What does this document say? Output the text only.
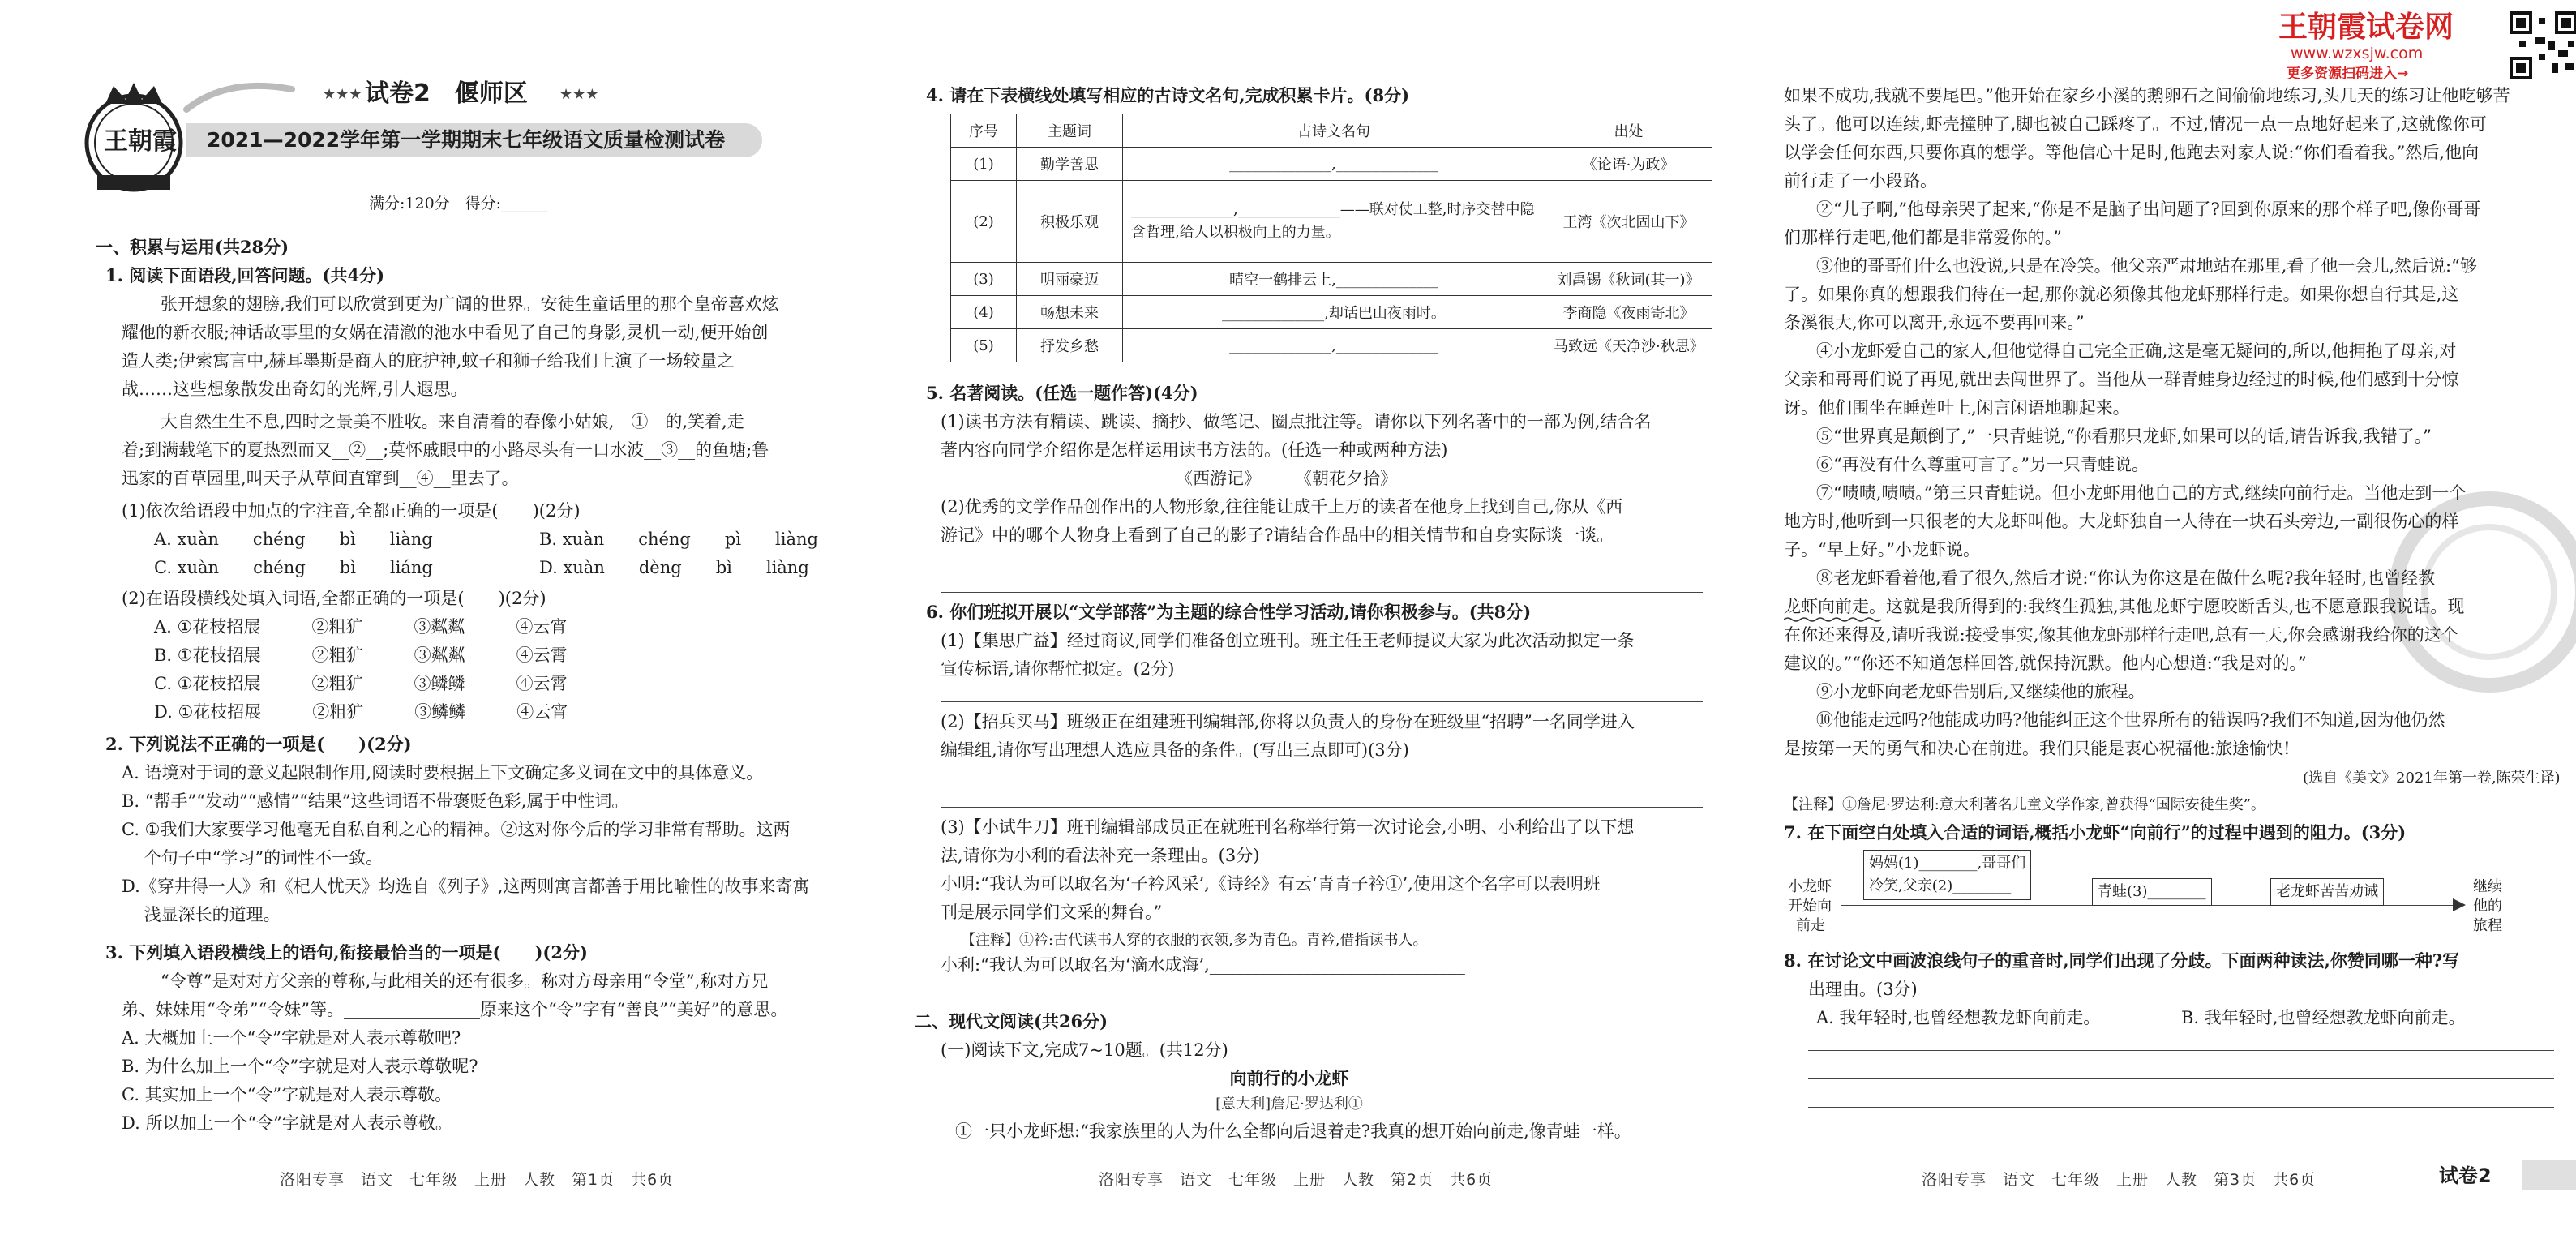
王朝霞
★★★ 试卷2　偃师区 ★★★
2021—2022学年第一学期期末七年级语文质量检测试卷
满分:120分　得分:______
一、积累与运用(共28分)
1. 阅读下面语段,回答问题。(共4分)
张开想象的翅膀,我们可以欣赏到更为广阔的世界。安徒生童话里的那个皇帝喜欢炫
耀他的新衣服;神话故事里的女娲在清澈的池水中看见了自己的身影,灵机一动,便开始创
造人类;伊索寓言中,赫耳墨斯是商人的庇护神,蚊子和狮子给我们上演了一场较量之
战……这些想象散发出奇幻的光辉,引人遐思。
大自然生生不息,四时之景美不胜收。来自清着的春像小姑娘,__①__的,笑着,走
着;到满载笔下的夏热烈而又__②__;莫怀戚眼中的小路尽头有一口水波__③__的鱼塘;鲁
迅家的百草园里,叫天子从草间直窜到__④__里去了。
(1)依次给语段中加点的字注音,全都正确的一项是(　　)(2分)
A. xuàn　　chéng　　bì　　liàng	B. xuàn　　chéng　　pì　　liàng
C. xuàn　　chéng　　bì　　liáng	D. xuàn　　dèng　　bì　　liàng
(2)在语段横线处填入词语,全都正确的一项是(　　)(2分)
A. ①花枝招展　　　②粗犷　　　③粼粼　　　④云宵
B. ①花枝招展　　　②粗犷　　　③粼粼　　　④云霄
C. ①花枝招展　　　②粗犷　　　③鳞鳞　　　④云霄
D. ①花枝招展　　　②粗犷　　　③鳞鳞　　　④云宵
2. 下列说法不正确的一项是(　　)(2分)
A. 语境对于词的意义起限制作用,阅读时要根据上下文确定多义词在文中的具体意义。
B. “帮手”“发动”“感情”“结果”这些词语不带褒贬色彩,属于中性词。
C. ①我们大家要学习他毫无自私自利之心的精神。②这对你今后的学习非常有帮助。这两
　 个句子中“学习”的词性不一致。
D.《穿井得一人》和《杞人忧天》均选自《列子》,这两则寓言都善于用比喻性的故事来寄寓
　 浅显深长的道理。
3. 下列填入语段横线上的语句,衔接最恰当的一项是(　　)(2分)
“令尊”是对对方父亲的尊称,与此相关的还有很多。称对方母亲用“令堂”,称对方兄
弟、妹妹用“令弟”“令妹”等。________________原来这个“令”字有“善良”“美好”的意思。
A. 大概加上一个“令”字就是对人表示尊敬吧?
B. 为什么加上一个“令”字就是对人表示尊敬呢?
C. 其实加上一个“令”字就是对人表示尊敬。
D. 所以加上一个“令”字就是对人表示尊敬。
洛阳专享　语文　七年级　上册　人教　第1页　共6页
4. 请在下表横线处填写相应的古诗文名句,完成积累卡片。(8分)
序号	主题词	古诗文名句	出处
(1)	勤学善思	______________,______________	《论语·为政》
(2)	积极乐观	______________,______________——联对仗工整,时序交替中隐含哲理,给人以积极向上的力量。	王湾《次北固山下》
(3)	明丽豪迈	晴空一鹤排云上,______________	刘禹锡《秋词(其一)》
(4)	畅想未来	______________,却话巴山夜雨时。	李商隐《夜雨寄北》
(5)	抒发乡愁	______________,______________	马致远《天净沙·秋思》
5. 名著阅读。(任选一题作答)(4分)
(1)读书方法有精读、跳读、摘抄、做笔记、圈点批注等。请你以下列名著中的一部为例,结合名
著内容向同学介绍你是怎样运用读书方法的。(任选一种或两种方法)
《西游记》　　　《朝花夕拾》
(2)优秀的文学作品创作出的人物形象,往往能让成千上万的读者在他身上找到自己,你从《西
游记》中的哪个人物身上看到了自己的影子?请结合作品中的相关情节和自身实际谈一谈。
6. 你们班拟开展以“文学部落”为主题的综合性学习活动,请你积极参与。(共8分)
(1)【集思广益】经过商议,同学们准备创立班刊。班主任王老师提议大家为此次活动拟定一条
宣传标语,请你帮忙拟定。(2分)
(2)【招兵买马】班级正在组建班刊编辑部,你将以负责人的身份在班级里“招聘”一名同学进入
编辑组,请你写出理想人选应具备的条件。(写出三点即可)(3分)
(3)【小试牛刀】班刊编辑部成员正在就班刊名称举行第一次讨论会,小明、小利给出了以下想
法,请你为小利的看法补充一条理由。(3分)
小明:“我认为可以取名为‘子衿风采’,《诗经》有云‘青青子衿①’,使用这个名字可以表明班
刊是展示同学们文采的舞台。”
【注释】①衿:古代读书人穿的衣服的衣领,多为青色。青衿,借指读书人。
小利:“我认为可以取名为‘滴水成海’,______________________________
二、现代文阅读(共26分)
(一)阅读下文,完成7~10题。(共12分)
向前行的小龙虾
[意大利]詹尼·罗达利①
①一只小龙虾想:“我家族里的人为什么全都向后退着走?我真的想开始向前走,像青蛙一样。
洛阳专享　语文　七年级　上册　人教　第2页　共6页
王朝霞试卷网
www.wzxsjw.com
更多资源扫码进入→
如果不成功,我就不要尾巴。”他开始在家乡小溪的鹅卵石之间偷偷地练习,头几天的练习让他吃够苦
头了。他可以连续,虾壳撞肿了,脚也被自己踩疼了。不过,情况一点一点地好起来了,这就像你可
以学会任何东西,只要你真的想学。等他信心十足时,他跑去对家人说:“你们看着我。”然后,他向
前行走了一小段路。
②“儿子啊,”他母亲哭了起来,“你是不是脑子出问题了?回到你原来的那个样子吧,像你哥哥
们那样行走吧,他们都是非常爱你的。”
③他的哥哥们什么也没说,只是在冷笑。他父亲严肃地站在那里,看了他一会儿,然后说:“够
了。如果你真的想跟我们待在一起,那你就必须像其他龙虾那样行走。如果你想自行其是,这
条溪很大,你可以离开,永远不要再回来。”
④小龙虾爱自己的家人,但他觉得自己完全正确,这是毫无疑问的,所以,他拥抱了母亲,对
父亲和哥哥们说了再见,就出去闯世界了。当他从一群青蛙身边经过的时候,他们感到十分惊
讶。他们围坐在睡莲叶上,闲言闲语地聊起来。
⑤“世界真是颠倒了,”一只青蛙说,“你看那只龙虾,如果可以的话,请告诉我,我错了。”
⑥“再没有什么尊重可言了。”另一只青蛙说。
⑦“啧啧,啧啧。”第三只青蛙说。但小龙虾用他自己的方式,继续向前行走。当他走到一个
地方时,他听到一只很老的大龙虾叫他。大龙虾独自一人待在一块石头旁边,一副很伤心的样
子。“早上好。”小龙虾说。
⑧老龙虾看着他,看了很久,然后才说:“你认为你这是在做什么呢?我年轻时,也曾经教
龙虾向前走。这就是我所得到的:我终生孤独,其他龙虾宁愿咬断舌头,也不愿意跟我说话。现
在你还来得及,请听我说:接受事实,像其他龙虾那样行走吧,总有一天,你会感谢我给你的这个
建议的。”“你还不知道怎样回答,就保持沉默。他内心想道:“我是对的。”
⑨小龙虾向老龙虾告别后,又继续他的旅程。
⑩他能走远吗?他能成功吗?他能纠正这个世界所有的错误吗?我们不知道,因为他仍然
是按第一天的勇气和决心在前进。我们只能是衷心祝福他:旅途愉快!
(选自《美文》2021年第一卷,陈荣生译)
【注释】①詹尼·罗达利:意大利著名儿童文学作家,曾获得“国际安徒生奖”。
7. 在下面空白处填入合适的词语,概括小龙虾“向前行”的过程中遇到的阻力。(3分)
小龙虾
开始向
前走
妈妈(1)________,哥哥们
冷笑,父亲(2)________	青蛙(3)________	老龙虾苦苦劝诫	继续
他的
旅程
8. 在讨论文中画波浪线句子的重音时,同学们出现了分歧。下面两种读法,你赞同哪一种?写
出理由。(3分)
A. 我年轻时,也曾经想教龙虾向前走。	B. 我年轻时,也曾经想教龙虾向前走。
洛阳专享　语文　七年级　上册　人教　第3页　共6页	试卷2
